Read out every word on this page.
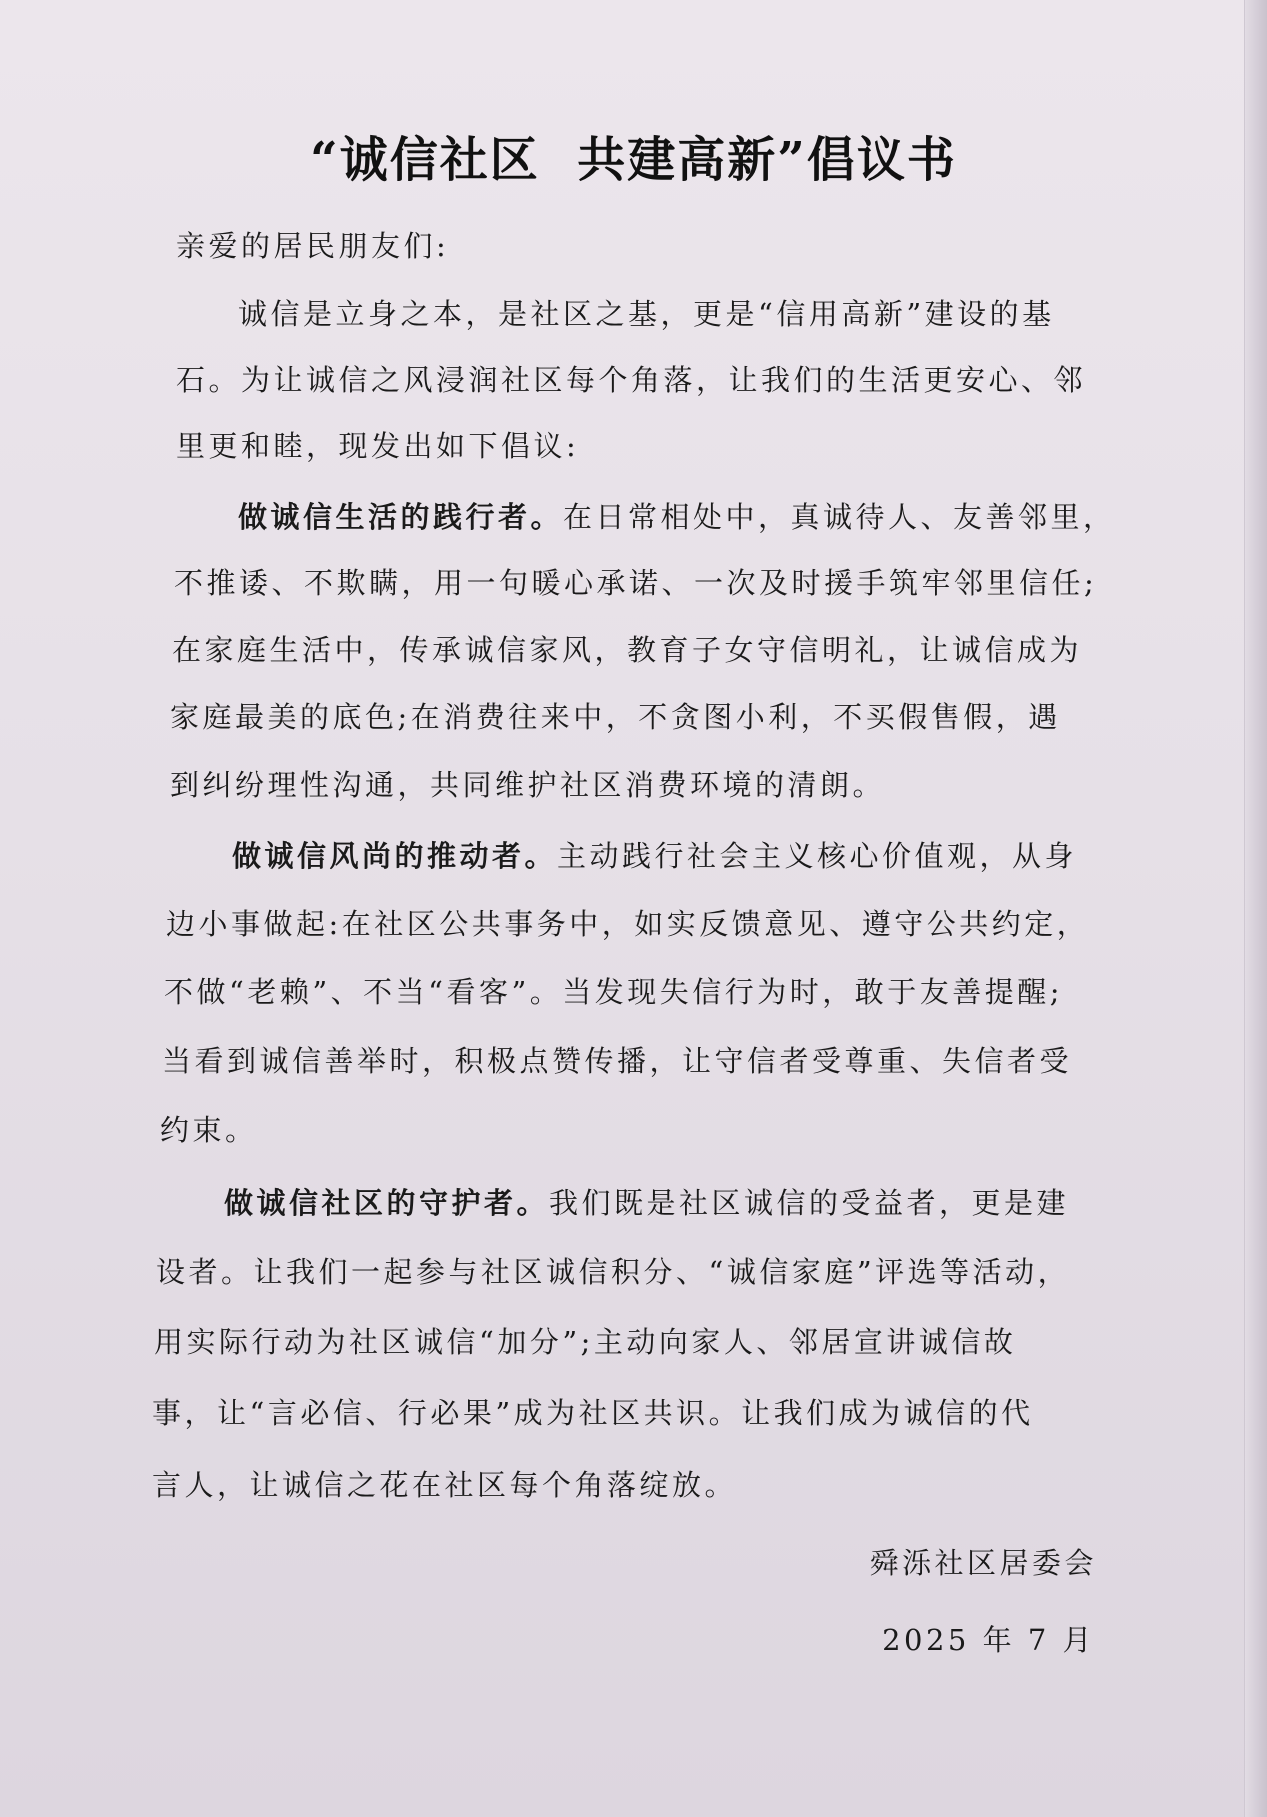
“诚信社区  共建高新”倡议书
亲爱的居民朋友们:
诚信是立身之本，是社区之基，更是“信用高新”建设的基
石。为让诚信之风浸润社区每个角落，让我们的生活更安心、邻
里更和睦，现发出如下倡议:
做诚信生活的践行者。在日常相处中，真诚待人、友善邻里，
不推诿、不欺瞒，用一句暖心承诺、一次及时援手筑牢邻里信任;
在家庭生活中，传承诚信家风，教育子女守信明礼，让诚信成为
家庭最美的底色;在消费往来中，不贪图小利，不买假售假，遇
到纠纷理性沟通，共同维护社区消费环境的清朗。
做诚信风尚的推动者。主动践行社会主义核心价值观，从身
边小事做起:在社区公共事务中，如实反馈意见、遵守公共约定，
不做“老赖”、不当“看客”。当发现失信行为时，敢于友善提醒;
当看到诚信善举时，积极点赞传播，让守信者受尊重、失信者受
约束。
做诚信社区的守护者。我们既是社区诚信的受益者，更是建
设者。让我们一起参与社区诚信积分、“诚信家庭”评选等活动，
用实际行动为社区诚信“加分”;主动向家人、邻居宣讲诚信故
事，让“言必信、行必果”成为社区共识。让我们成为诚信的代
言人，让诚信之花在社区每个角落绽放。
舜泺社区居委会
2025 年 7 月
